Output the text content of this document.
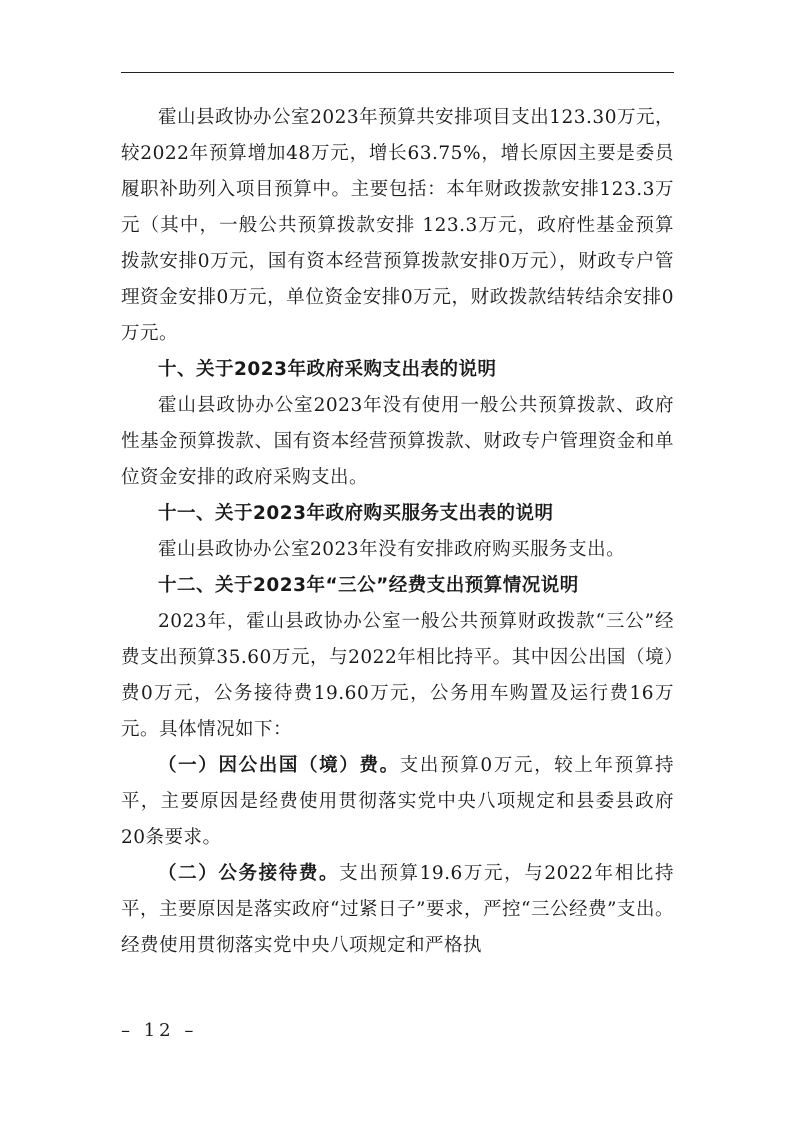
霍山县政协办公室2023年预算共安排项目支出123.30万元，较2022年预算增加48万元，增长63.75%，增长原因主要是委员履职补助列入项目预算中。主要包括：本年财政拨款安排123.3万元（其中，一般公共预算拨款安排 123.3万元，政府性基金预算拨款安排0万元，国有资本经营预算拨款安排0万元），财政专户管理资金安排0万元，单位资金安排0万元，财政拨款结转结余安排0万元。

十、关于2023年政府采购支出表的说明

霍山县政协办公室2023年没有使用一般公共预算拨款、政府性基金预算拨款、国有资本经营预算拨款、财政专户管理资金和单位资金安排的政府采购支出。

十一、关于2023年政府购买服务支出表的说明

霍山县政协办公室2023年没有安排政府购买服务支出。

十二、关于2023年“三公”经费支出预算情况说明

2023年，霍山县政协办公室一般公共预算财政拨款“三公”经费支出预算35.60万元，与2022年相比持平。其中因公出国（境）费0万元，公务接待费19.60万元，公务用车购置及运行费16万元。具体情况如下：

（一）因公出国（境）费。支出预算0万元，较上年预算持平，主要原因是经费使用贯彻落实党中央八项规定和县委县政府20条要求。

（二）公务接待费。支出预算19.6万元，与2022年相比持平，主要原因是落实政府“过紧日子”要求，严控“三公经费”支出。经费使用贯彻落实党中央八项规定和严格执

– 12 –
